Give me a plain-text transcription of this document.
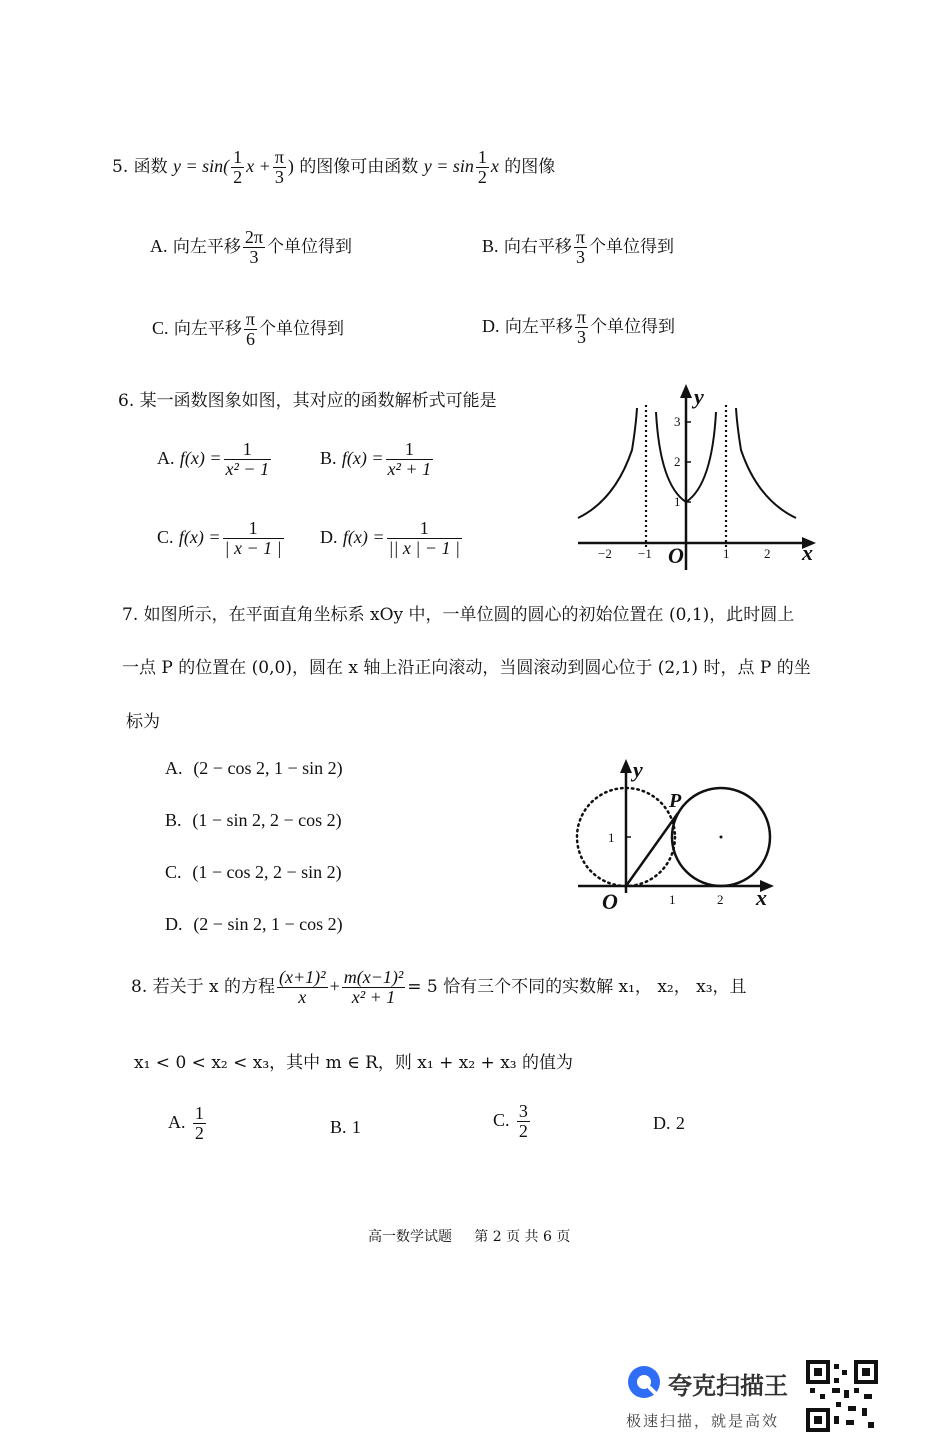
5. 函数 $y = \sin( \frac{1}{2}$ $x + \frac{\pi}{3}$ ) 的图像可由函数 $y = \sin \frac{1}{2}$ x 的图像
A. 向左平移 $\frac{2\pi}{3}$ 个单位得到	B. 向右平移 $\frac{\pi}{3}$ 个单位得到
C. 向左平移 $\frac{\pi}{6}$ 个单位得到	D. 向左平移 $\frac{\pi}{3}$ 个单位得到
6. 某一函数图象如图，其对应的函数解析式可能是
A. $f(x) = \frac{1}{\text{x² − 1}}$	B. $f(x) = \frac{1}{\text{x² + 1}}$
C. $f(x) = \frac{1}{| x - 1 |} D$. $f(x) = \frac{1}{|| x | - 1 |}$
3
2
1
−2 −1	1	2
O	x
y
7. 如图所示，在平面直角坐标系 xOy 中，一单位圆的圆心的初始位置在 (0,1)，此时圆上
一点 P 的位置在 (0,0)，圆在 x 轴上沿正向滚动，当圆滚动到圆心位于 (2,1) 时，点 P 的坐
标为
A. (2 − cos 2, 1 − sin 2)
B. (1 − sin 2, 2 − cos 2)
C. (1 − cos 2, 2 − sin 2)
D. (2 − sin 2, 1 − cos 2)
1
1	2
O	x
y
P
8. 若关于 x 的方程 $\frac{\text{(x+1)²}}{x} + \frac{\text{m(x−1)²}}{\text{x² + 1}} = 5$ 恰有三个不同的实数解 x₁， x₂， x₃，且
x₁ < 0 < x₂ < x₃，其中 m ∈ R，则 x₁ + x₂ + x₃ 的值为
A. $\frac{1}{2}$	B. 1	C. $\frac{3}{2}$	D. 2
高一数学试题 第 2 页 共 6 页
夸克扫描王
极速扫描，就是高效
